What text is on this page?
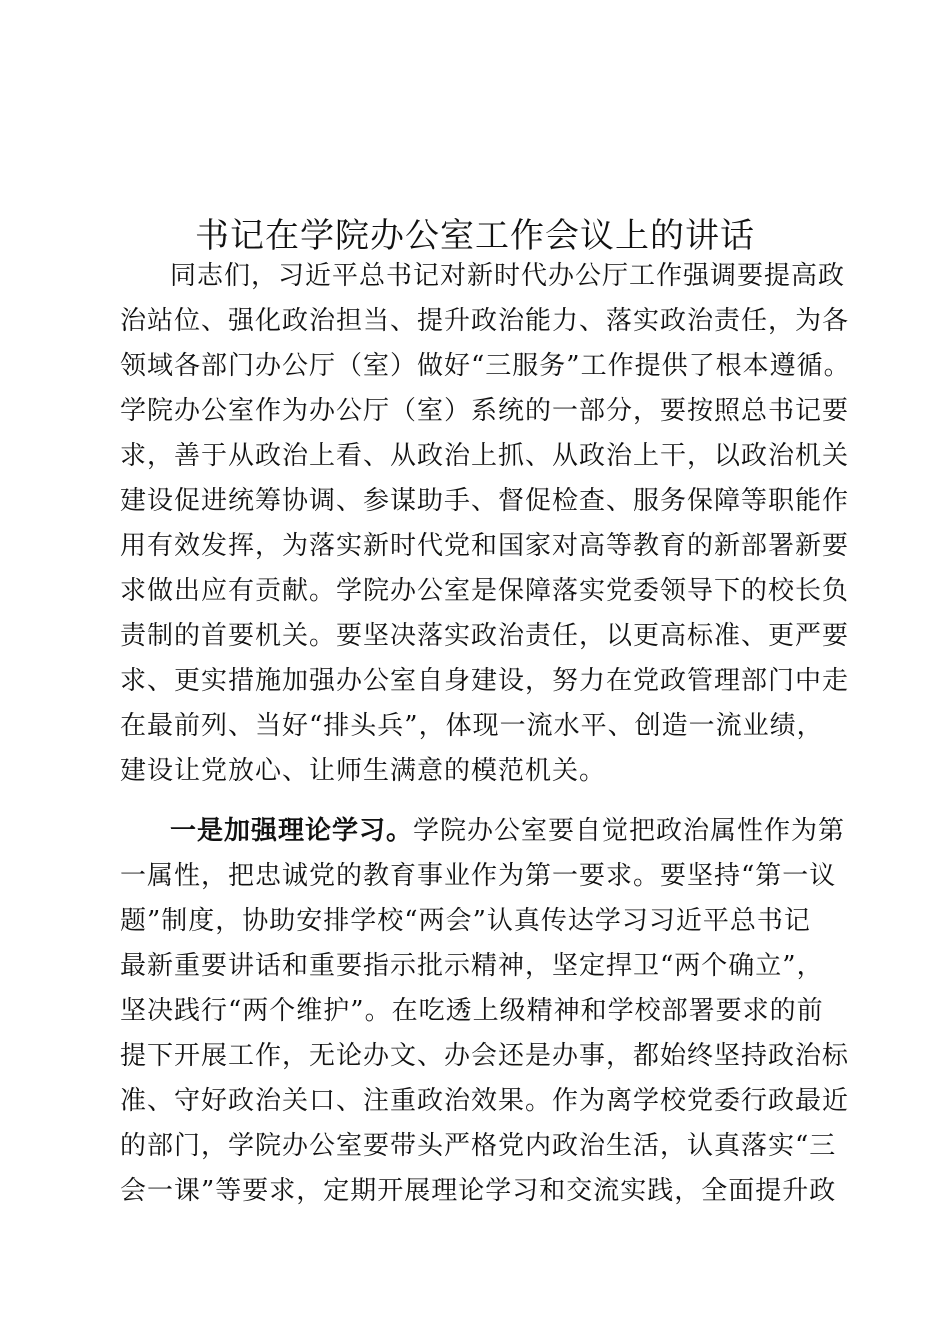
书记在学院办公室工作会议上的讲话
同志们，习近平总书记对新时代办公厅工作强调要提高政
治站位、强化政治担当、提升政治能力、落实政治责任，为各
领域各部门办公厅（室）做好“三服务”工作提供了根本遵循。
学院办公室作为办公厅（室）系统的一部分，要按照总书记要
求，善于从政治上看、从政治上抓、从政治上干，以政治机关
建设促进统筹协调、参谋助手、督促检查、服务保障等职能作
用有效发挥，为落实新时代党和国家对高等教育的新部署新要
求做出应有贡献。学院办公室是保障落实党委领导下的校长负
责制的首要机关。要坚决落实政治责任，以更高标准、更严要
求、更实措施加强办公室自身建设，努力在党政管理部门中走
在最前列、当好“排头兵”，体现一流水平、创造一流业绩，
建设让党放心、让师生满意的模范机关。
一是加强理论学习。学院办公室要自觉把政治属性作为第
一属性，把忠诚党的教育事业作为第一要求。要坚持“第一议
题”制度，协助安排学校“两会”认真传达学习习近平总书记
最新重要讲话和重要指示批示精神，坚定捍卫“两个确立”，
坚决践行“两个维护”。在吃透上级精神和学校部署要求的前
提下开展工作，无论办文、办会还是办事，都始终坚持政治标
准、守好政治关口、注重政治效果。作为离学校党委行政最近
的部门，学院办公室要带头严格党内政治生活，认真落实“三
会一课”等要求，定期开展理论学习和交流实践，全面提升政
